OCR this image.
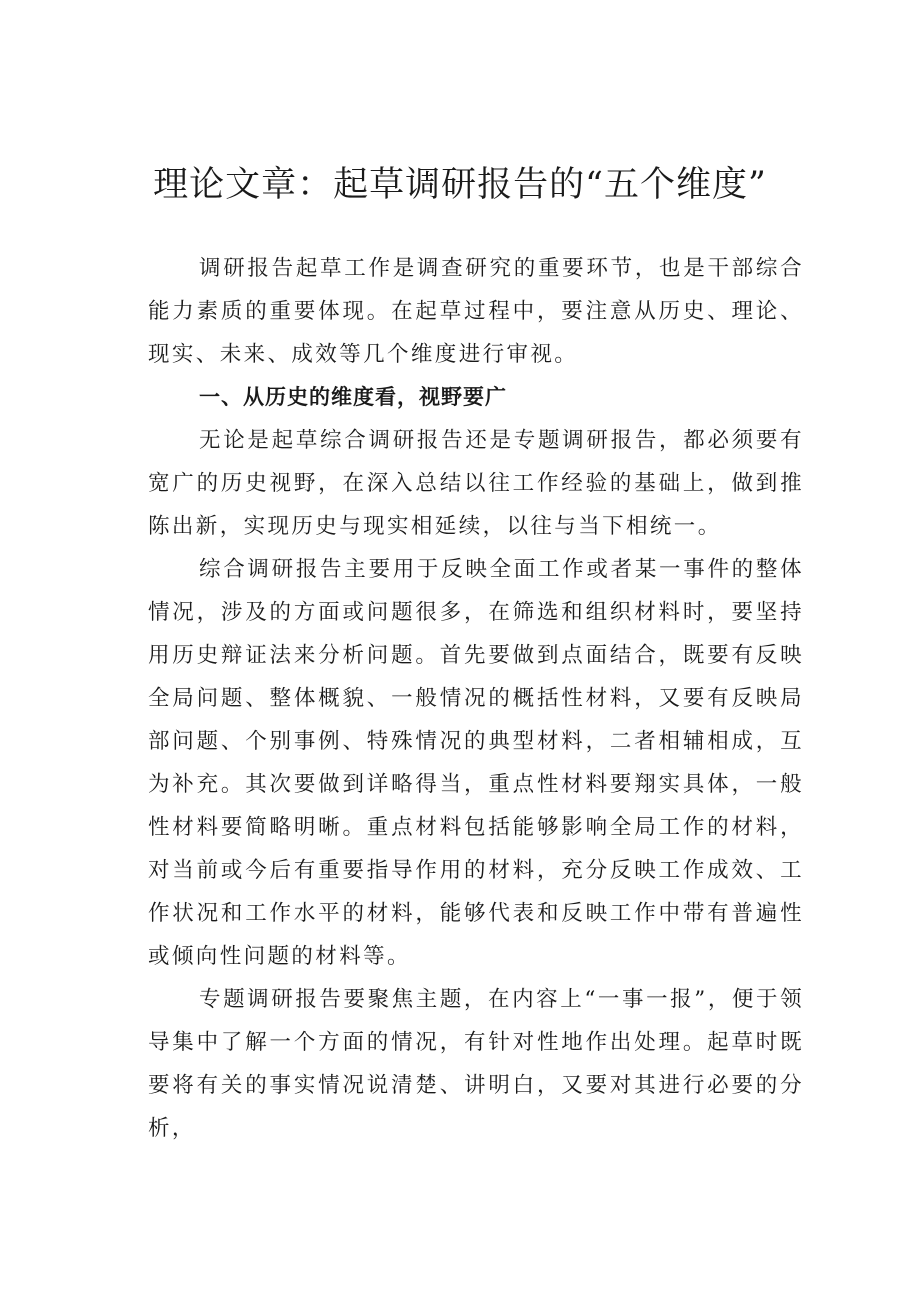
理论文章：起草调研报告的“五个维度”

调研报告起草工作是调查研究的重要环节，也是干部综合能力素质的重要体现。在起草过程中，要注意从历史、理论、现实、未来、成效等几个维度进行审视。

一、从历史的维度看，视野要广

无论是起草综合调研报告还是专题调研报告，都必须要有宽广的历史视野，在深入总结以往工作经验的基础上，做到推陈出新，实现历史与现实相延续，以往与当下相统一。

综合调研报告主要用于反映全面工作或者某一事件的整体情况，涉及的方面或问题很多，在筛选和组织材料时，要坚持用历史辩证法来分析问题。首先要做到点面结合，既要有反映全局问题、整体概貌、一般情况的概括性材料，又要有反映局部问题、个别事例、特殊情况的典型材料，二者相辅相成，互为补充。其次要做到详略得当，重点性材料要翔实具体，一般性材料要简略明晰。重点材料包括能够影响全局工作的材料，对当前或今后有重要指导作用的材料，充分反映工作成效、工作状况和工作水平的材料，能够代表和反映工作中带有普遍性或倾向性问题的材料等。

专题调研报告要聚焦主题，在内容上“一事一报”，便于领导集中了解一个方面的情况，有针对性地作出处理。起草时既要将有关的事实情况说清楚、讲明白，又要对其进行必要的分析，
